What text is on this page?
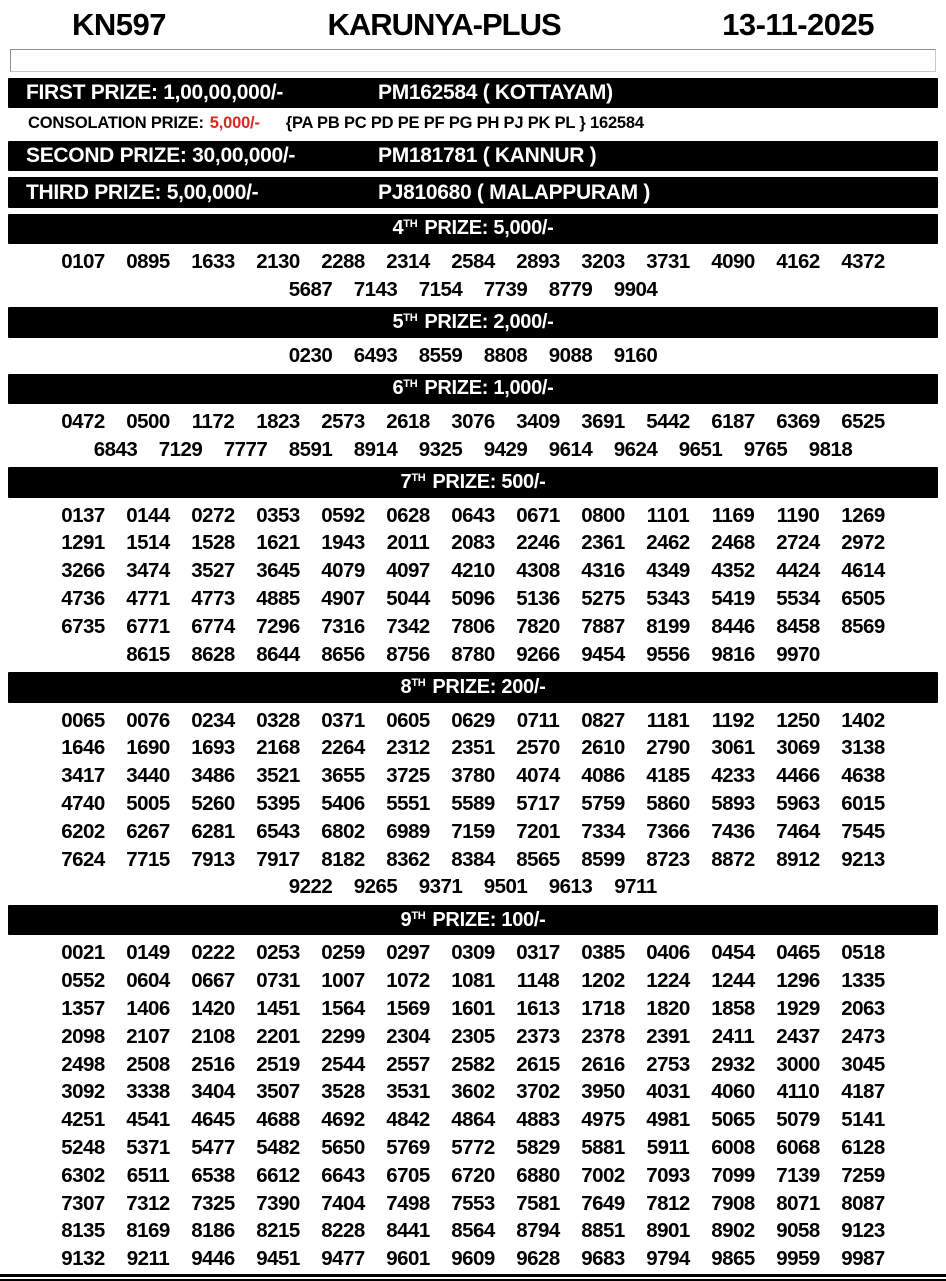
KN597	KARUNYA-PLUS	13-11-2025
FIRST PRIZE: 1,00,00,000/-	PM162584 ( KOTTAYAM)
CONSOLATION PRIZE: 5,000/- {PA PB PC PD PE PF PG PH PJ PK PL } 162584
SECOND PRIZE: 30,00,000/-	PM181781 ( KANNUR )
THIRD PRIZE: 5,00,000/-	PJ810680 ( MALAPPURAM )
4TH PRIZE: 5,000/-
0107	0895	1633	2130	2288	2314	2584	2893	3203	3731	4090	4162	4372
5687	7143	7154	7739	8779	9904
5TH PRIZE: 2,000/-
0230	6493	8559	8808	9088	9160
6TH PRIZE: 1,000/-
0472	0500	1172	1823	2573	2618	3076	3409	3691	5442	6187	6369	6525
6843	7129	7777	8591	8914	9325	9429	9614	9624	9651	9765	9818
7TH PRIZE: 500/-
0137	0144	0272	0353	0592	0628	0643	0671	0800	1101	1169	1190	1269
1291	1514	1528	1621	1943	2011	2083	2246	2361	2462	2468	2724	2972
3266	3474	3527	3645	4079	4097	4210	4308	4316	4349	4352	4424	4614
4736	4771	4773	4885	4907	5044	5096	5136	5275	5343	5419	5534	6505
6735	6771	6774	7296	7316	7342	7806	7820	7887	8199	8446	8458	8569
8615	8628	8644	8656	8756	8780	9266	9454	9556	9816	9970
8TH PRIZE: 200/-
0065	0076	0234	0328	0371	0605	0629	0711	0827	1181	1192	1250	1402
1646	1690	1693	2168	2264	2312	2351	2570	2610	2790	3061	3069	3138
3417	3440	3486	3521	3655	3725	3780	4074	4086	4185	4233	4466	4638
4740	5005	5260	5395	5406	5551	5589	5717	5759	5860	5893	5963	6015
6202	6267	6281	6543	6802	6989	7159	7201	7334	7366	7436	7464	7545
7624	7715	7913	7917	8182	8362	8384	8565	8599	8723	8872	8912	9213
9222	9265	9371	9501	9613	9711
9TH PRIZE: 100/-
0021	0149	0222	0253	0259	0297	0309	0317	0385	0406	0454	0465	0518
0552	0604	0667	0731	1007	1072	1081	1148	1202	1224	1244	1296	1335
1357	1406	1420	1451	1564	1569	1601	1613	1718	1820	1858	1929	2063
2098	2107	2108	2201	2299	2304	2305	2373	2378	2391	2411	2437	2473
2498	2508	2516	2519	2544	2557	2582	2615	2616	2753	2932	3000	3045
3092	3338	3404	3507	3528	3531	3602	3702	3950	4031	4060	4110	4187
4251	4541	4645	4688	4692	4842	4864	4883	4975	4981	5065	5079	5141
5248	5371	5477	5482	5650	5769	5772	5829	5881	5911	6008	6068	6128
6302	6511	6538	6612	6643	6705	6720	6880	7002	7093	7099	7139	7259
7307	7312	7325	7390	7404	7498	7553	7581	7649	7812	7908	8071	8087
8135	8169	8186	8215	8228	8441	8564	8794	8851	8901	8902	9058	9123
9132	9211	9446	9451	9477	9601	9609	9628	9683	9794	9865	9959	9987
